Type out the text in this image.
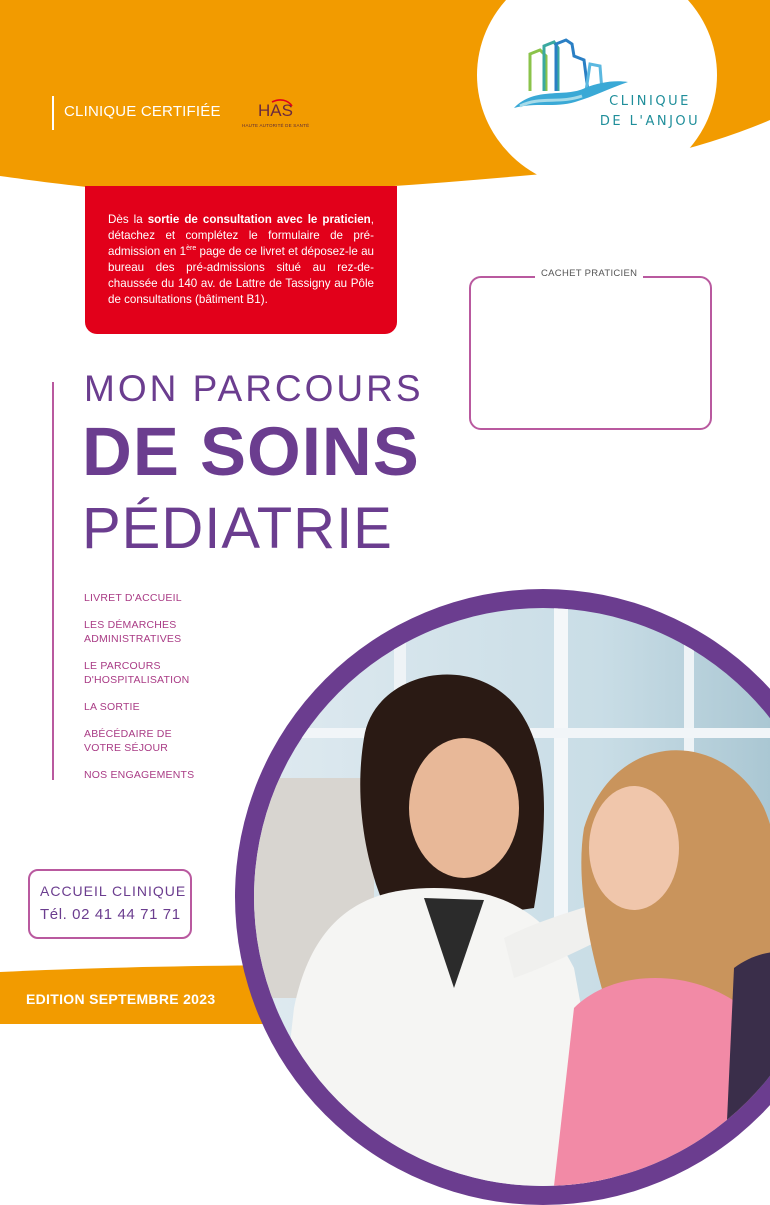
CLINIQUE
DE L'ANJOU
CLINIQUE CERTIFIÉE HAS
HAUTE AUTORITÉ DE SANTÉ
Dès la sortie de consultation avec le praticien, détachez et complétez le formulaire de pré-admission en 1ère page de ce livret et déposez-le au bureau des pré-admissions situé au rez-de-chaussée du 140 av. de Lattre de Tassigny au Pôle de consultations (bâtiment B1).
CACHET PRATICIEN
MON PARCOURS
DE SOINS
PÉDIATRIE
LIVRET D'ACCUEIL
LES DÉMARCHES
ADMINISTRATIVES
LE PARCOURS
D'HOSPITALISATION
LA SORTIE
ABÉCÉDAIRE DE
VOTRE SÉJOUR
NOS ENGAGEMENTS
EDITION SEPTEMBRE 2023
ACCUEIL CLINIQUE
Tél. 02 41 44 71 71
